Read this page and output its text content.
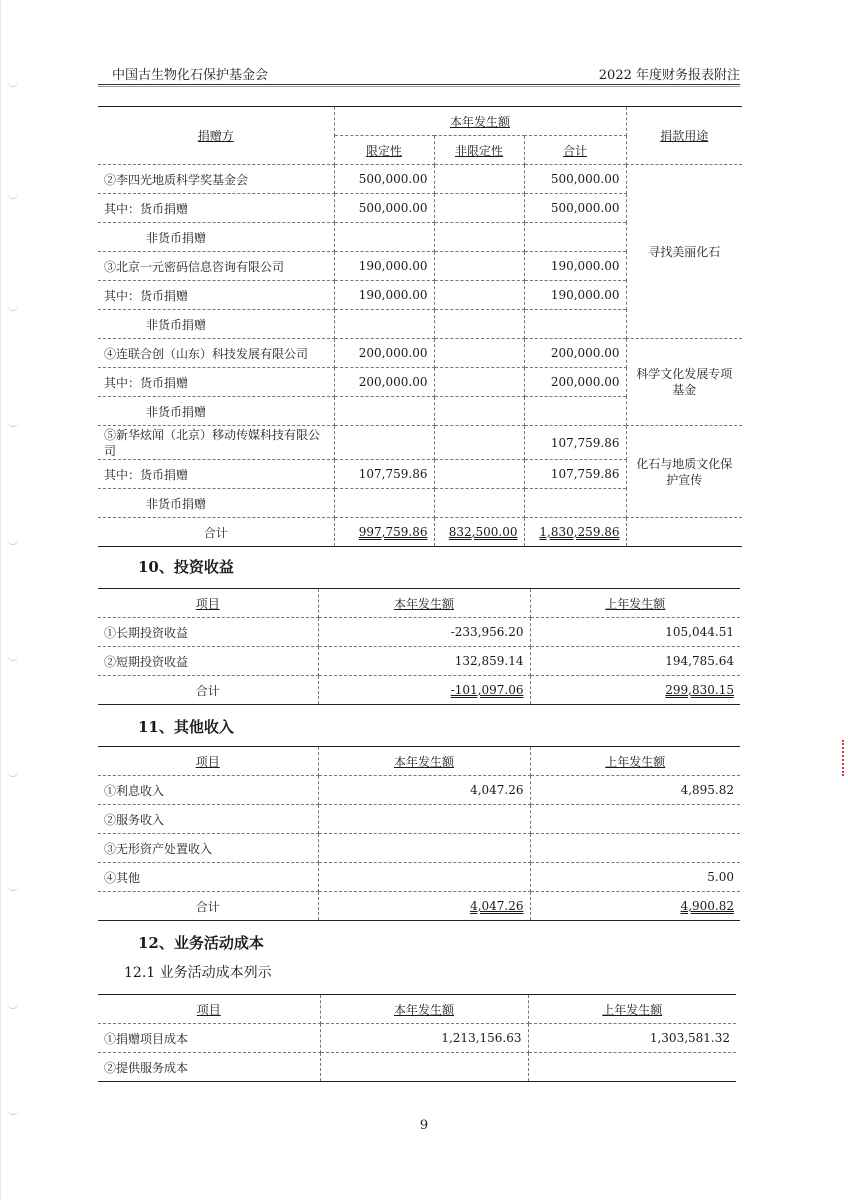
中国古生物化石保护基金会	2022 年度财务报表附注
捐赠方	本年发生额			捐款用途
	限定性	非限定性	合计	
②李四光地质科学奖基金会	500,000.00		500,000.00	寻找美丽化石
其中：货币捐赠	500,000.00		500,000.00	
非货币捐赠				
③北京一元密码信息咨询有限公司	190,000.00		190,000.00	
其中：货币捐赠	190,000.00		190,000.00	
非货币捐赠				
④连联合创（山东）科技发展有限公司	200,000.00		200,000.00	科学文化发展专项基金
其中：货币捐赠	200,000.00		200,000.00	
非货币捐赠				
⑤新华炫闻（北京）移动传媒科技有限公司			107,759.86	化石与地质文化保护宣传
其中：货币捐赠	107,759.86		107,759.86	
非货币捐赠				
合计	997,759.86	832,500.00	1,830,259.86	
10、投资收益
项目	本年发生额	上年发生额
①长期投资收益	-233,956.20	105,044.51
②短期投资收益	132,859.14	194,785.64
合计	-101,097.06	299,830.15
11、其他收入
项目	本年发生额	上年发生额
①利息收入	4,047.26	4,895.82
②服务收入		
③无形资产处置收入		
④其他		5.00
合计	4,047.26	4,900.82
12、业务活动成本
12.1 业务活动成本列示
项目	本年发生额	上年发生额
①捐赠项目成本	1,213,156.63	1,303,581.32
②提供服务成本		
9
